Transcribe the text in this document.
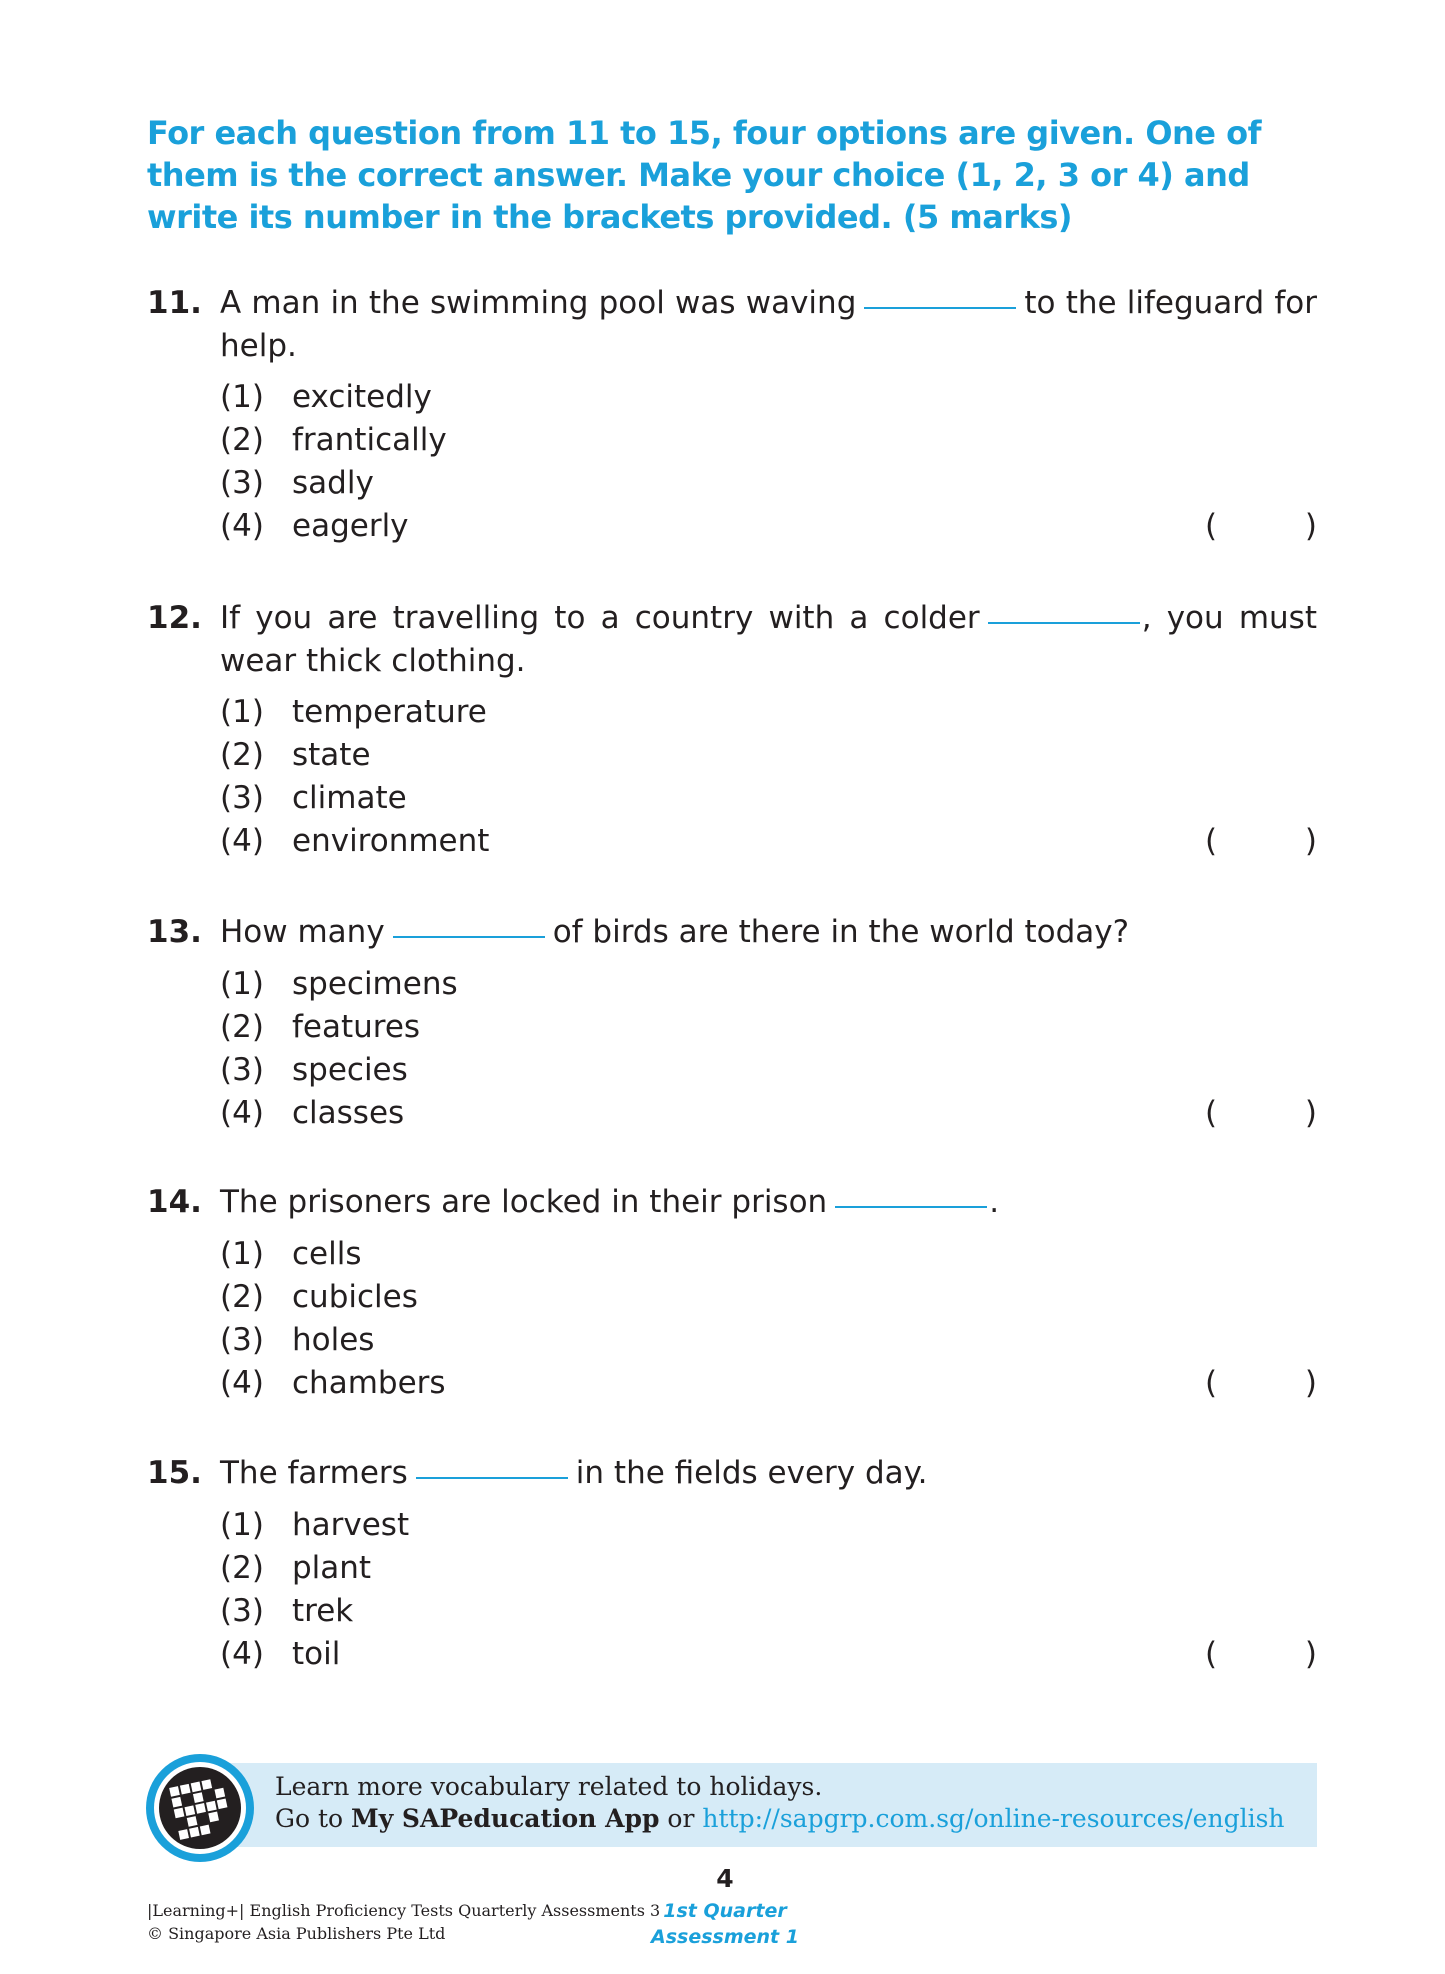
For each question from 11 to 15, four options are given. One of them is the correct answer. Make your choice (1, 2, 3 or 4) and write its number in the brackets provided. (5 marks)
11. A man in the swimming pool was waving	to the lifeguard for help.
(1) excitedly
(2) frantically
(3) sadly
(4) eagerly	(	)
12. If you are travelling to a country with a colder	, you must wear thick clothing.
(1) temperature
(2) state
(3) climate
(4) environment	(	)
13. How many	of birds are there in the world today?
(1) specimens
(2) features
(3) species
(4) classes	(	)
14. The prisoners are locked in their prison	.
(1) cells
(2) cubicles
(3) holes
(4) chambers	(	)
15. The farmers	in the fields every day.
(1) harvest
(2) plant
(3) trek
(4) toil	(	)
Learn more vocabulary related to holidays.
Go to My SAPeducation App or http://sapgrp.com.sg/online-resources/english
4
1st Quarter
Assessment 1
|Learning+| English Proficiency Tests Quarterly Assessments 3
© Singapore Asia Publishers Pte Ltd
